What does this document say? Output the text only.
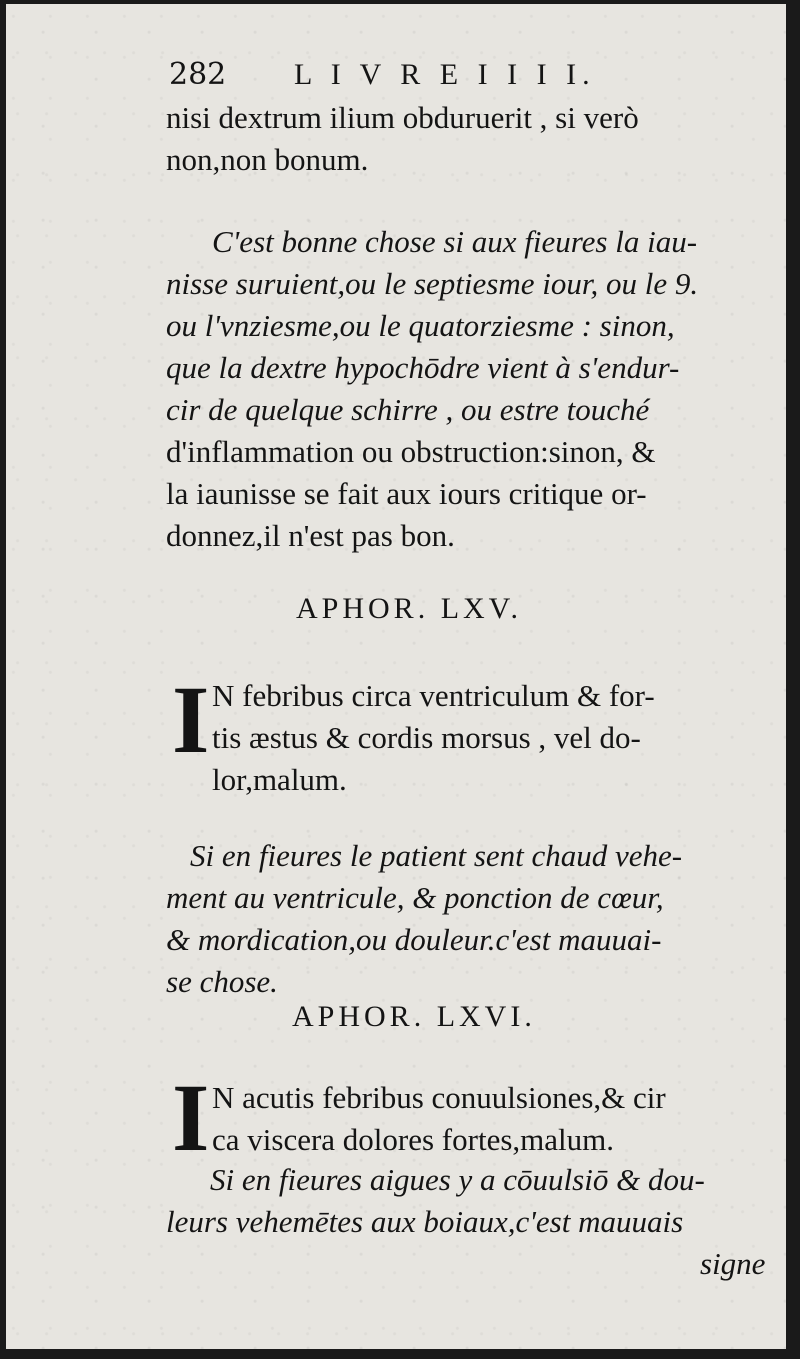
282 L I V R E I I I I.
nisi dextrum ilium obduruerit , si verò
non,non bonum.
C'est bonne chose si aux fieures la iau-
nisse suruient,ou le septiesme iour, ou le 9.
ou l'vnziesme,ou le quatorziesme : sinon,
que la dextre hypochōdre vient à s'endur-
cir de quelque schirre , ou estre touché
d'inflammation ou obstruction:sinon, &
la iaunisse se fait aux iours critique or-
donnez,il n'est pas bon.
APHOR. LXV.
I N febribus circa ventriculum & for-
tis æstus & cordis morsus , vel do-
lor,malum.
Si en fieures le patient sent chaud vehe-
ment au ventricule, & ponction de cœur,
& mordication,ou douleur.c'est mauuai-
se chose.
APHOR. LXVI.
I N acutis febribus conuulsiones,& cir
ca viscera dolores fortes,malum.
Si en fieures aigues y a cōuulsiō & dou-
leurs vehemētes aux boiaux,c'est mauuais
signe
